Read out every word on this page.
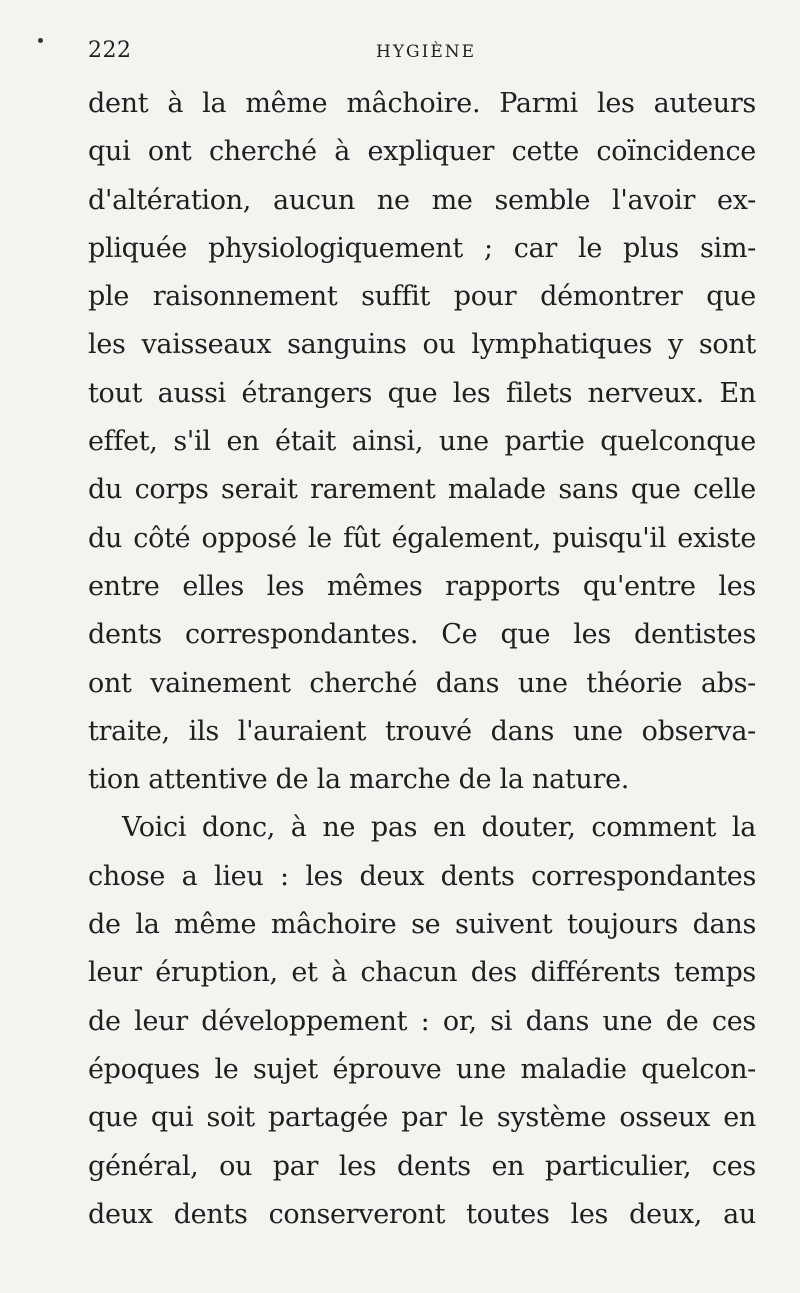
222	HYGIÈNE
dent à la même mâchoire. Parmi les auteurs
qui ont cherché à expliquer cette coïncidence
d'altération, aucun ne me semble l'avoir ex-
pliquée physiologiquement ; car le plus sim-
ple raisonnement suffit pour démontrer que
les vaisseaux sanguins ou lymphatiques y sont
tout aussi étrangers que les filets nerveux. En
effet, s'il en était ainsi, une partie quelconque
du corps serait rarement malade sans que celle
du côté opposé le fût également, puisqu'il existe
entre elles les mêmes rapports qu'entre les
dents correspondantes. Ce que les dentistes
ont vainement cherché dans une théorie abs-
traite, ils l'auraient trouvé dans une observa-
tion attentive de la marche de la nature.
Voici donc, à ne pas en douter, comment la
chose a lieu : les deux dents correspondantes
de la même mâchoire se suivent toujours dans
leur éruption, et à chacun des différents temps
de leur développement : or, si dans une de ces
époques le sujet éprouve une maladie quelcon-
que qui soit partagée par le système osseux en
général, ou par les dents en particulier, ces
deux dents conserveront toutes les deux, au
